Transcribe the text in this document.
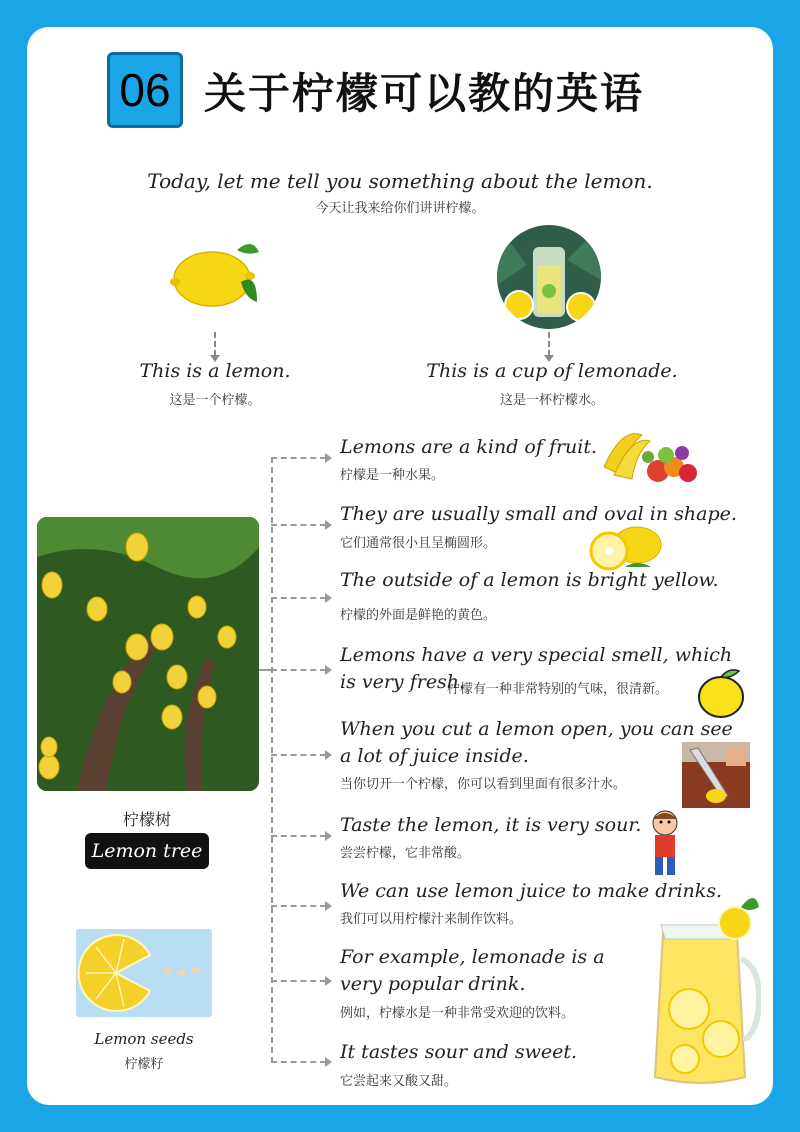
06 关于柠檬可以教的英语
Today, let me tell you something about the lemon.
今天让我来给你们讲讲柠檬。
This is a lemon.
这是一个柠檬。
This is a cup of lemonade.
这是一杯柠檬水。
柠檬树
Lemon tree
Lemon seeds
柠檬籽
Lemons are a kind of fruit.
柠檬是一种水果。
They are usually small and oval in shape.
它们通常很小且呈椭圆形。
The outside of a lemon is bright yellow.
柠檬的外面是鲜艳的黄色。
Lemons have a very special smell, which is very fresh.
柠檬有一种非常特别的气味，很清新。
When you cut a lemon open, you can see a lot of juice inside.
当你切开一个柠檬，你可以看到里面有很多汁水。
Taste the lemon, it is very sour.
尝尝柠檬，它非常酸。
We can use lemon juice to make drinks.
我们可以用柠檬汁来制作饮料。
For example, lemonade is a very popular drink.
例如，柠檬水是一种非常受欢迎的饮料。
It tastes sour and sweet.
它尝起来又酸又甜。
